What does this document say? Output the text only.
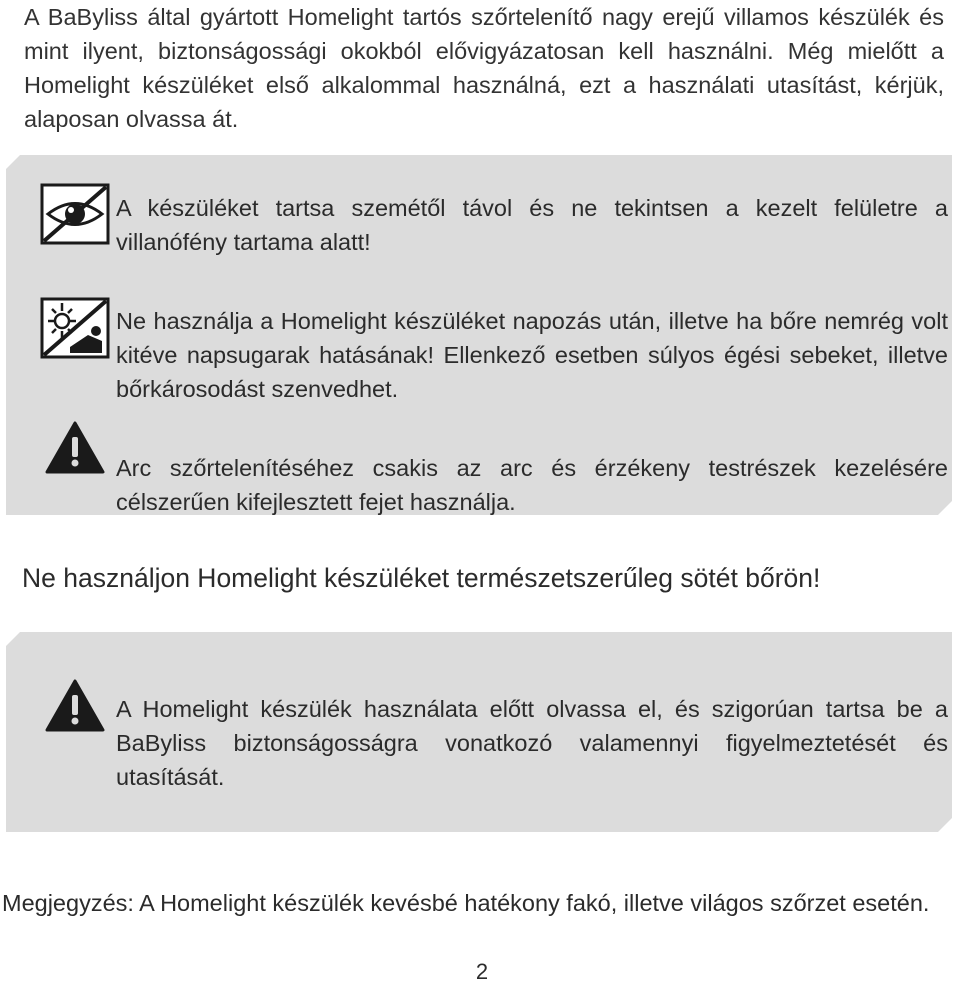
A BaByliss által gyártott Homelight tartós szőrtelenítő nagy erejű villamos készülék és mint ilyent, biztonságossági okokból elővigyázatosan kell használni. Még mielőtt a Homelight készüléket első alkalommal használná, ezt a használati utasítást, kérjük, alaposan olvassa át.

A készüléket tartsa szemétől távol és ne tekintsen a kezelt felületre a villanófény tartama alatt!

Ne használja a Homelight készüléket napozás után, illetve ha bőre nemrég volt kitéve napsugarak hatásának! Ellenkező esetben súlyos égési sebeket, illetve bőrkárosodást szenvedhet.

Arc szőrtelenítéséhez csakis az arc és érzékeny testrészek kezelésére célszerűen kifejlesztett fejet használja.

Ne használjon Homelight készüléket természetszerűleg sötét bőrön!

A Homelight készülék használata előtt olvassa el, és szigorúan tartsa be a BaByliss biztonságosságra vonatkozó valamennyi figyelmeztetését és utasítását.

Megjegyzés: A Homelight készülék kevésbé hatékony fakó, illetve világos szőrzet esetén.

2
